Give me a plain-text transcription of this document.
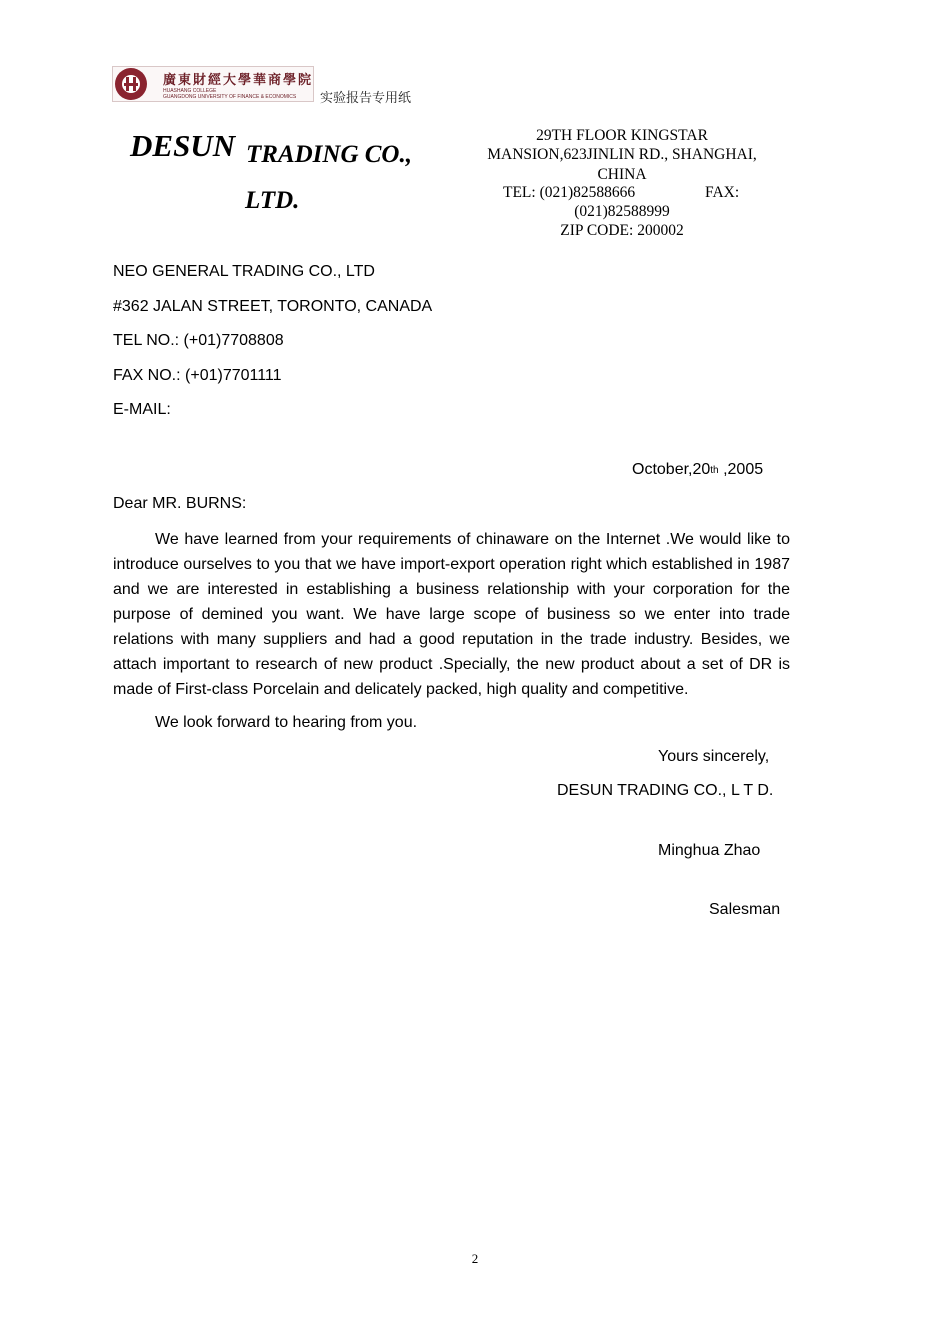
廣東財經大學華商學院
HUASHANG COLLEGE
GUANGDONG UNIVERSITY OF FINANCE & ECONOMICS 实验报告专用纸
DESUN TRADING CO.,
LTD.
29TH FLOOR KINGSTAR
MANSION,623JINLIN RD., SHANGHAI,
CHINA
TEL: (021)82588666	FAX:
(021)82588999
ZIP CODE: 200002
NEO GENERAL TRADING CO., LTD
#362 JALAN STREET, TORONTO, CANADA
TEL NO.: (+01)7708808
FAX NO.: (+01)7701111
E-MAIL:
October,20th ,2005
Dear MR. BURNS:

We have learned from your requirements of chinaware on the Internet .We would like to introduce ourselves to you that we have import-export operation right which established in 1987 and we are interested in establishing a business relationship with your corporation for the purpose of demined you want. We have large scope of business so we enter into trade relations with many suppliers and had a good reputation in the trade industry. Besides, we attach important to research of new product .Specially, the new product about a set of DR is made of First-class Porcelain and delicately packed, high quality and competitive.

We look forward to hearing from you.
Yours sincerely,
DESUN TRADING CO., L T D.
Minghua Zhao
Salesman
2
